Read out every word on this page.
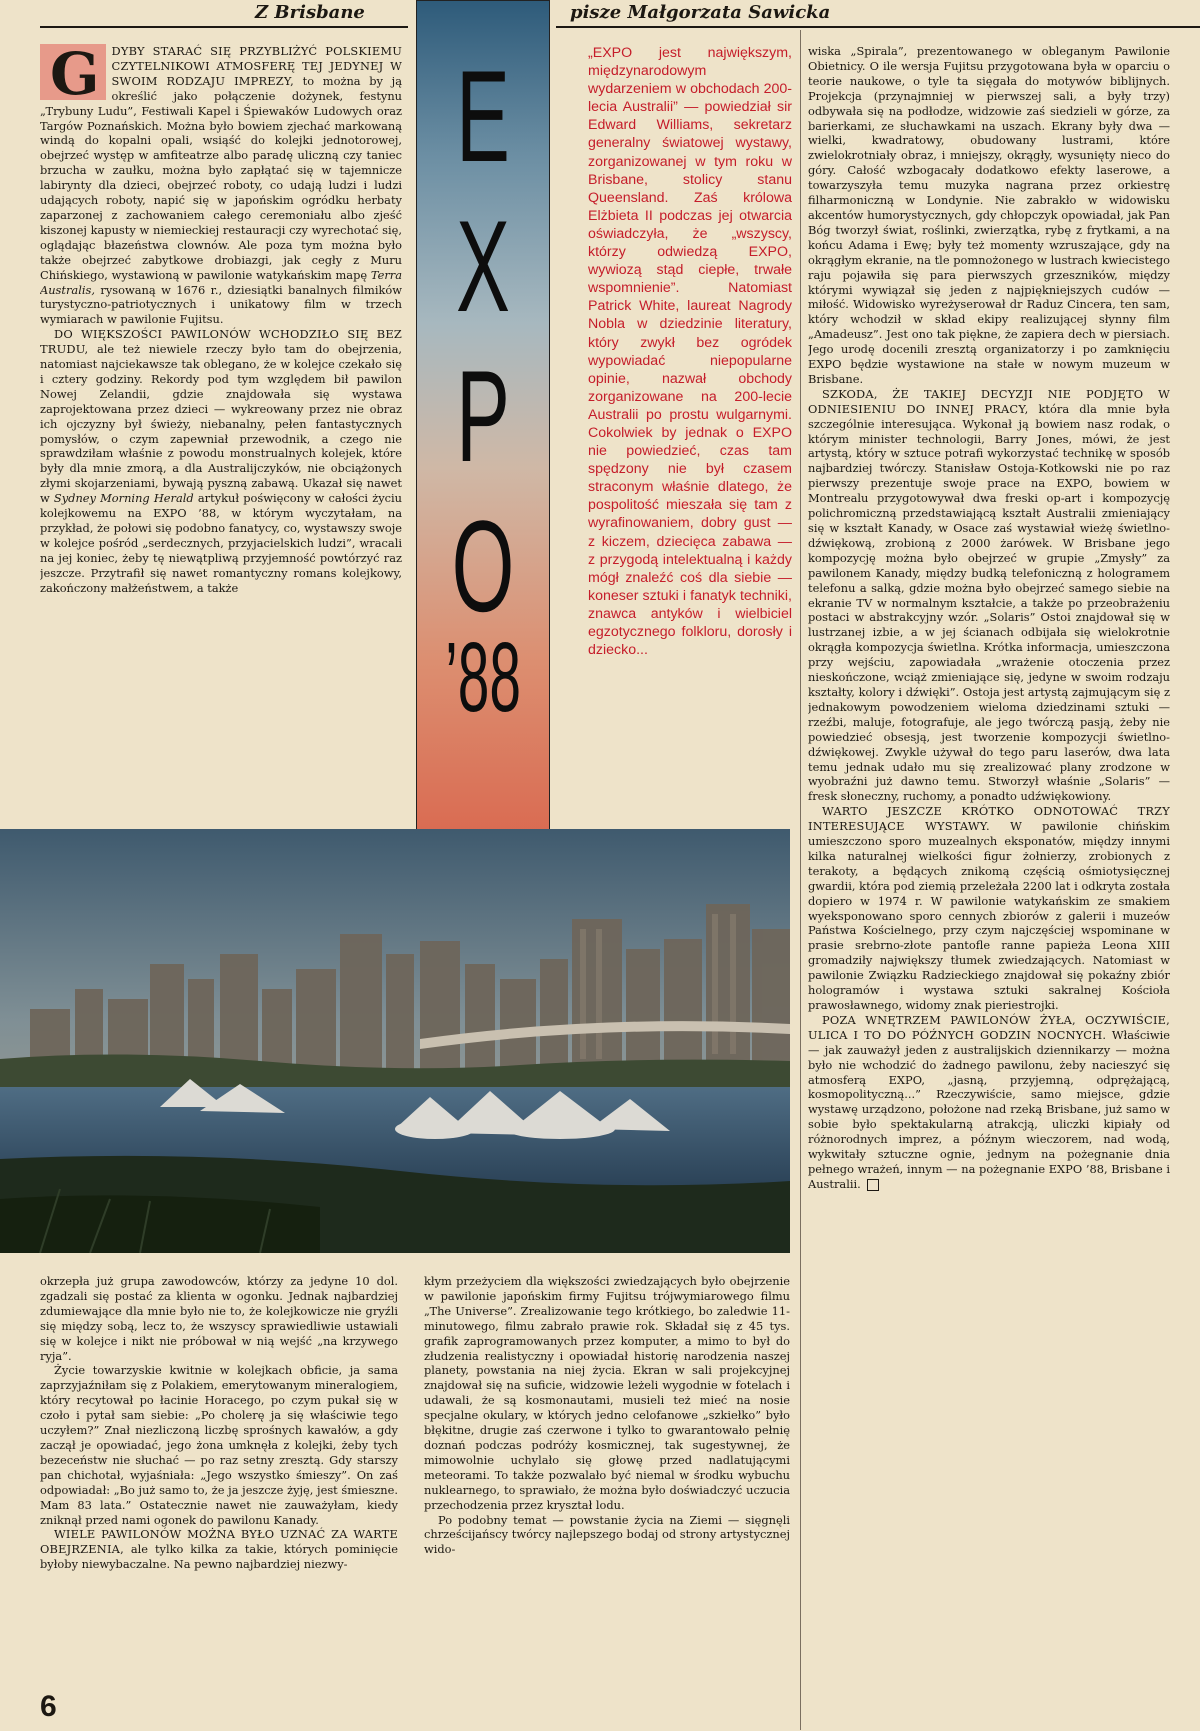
Z Brisbane	pisze Małgorzata Sawicka
E
X
P
O
’88

G	DYBY STARAĆ SIĘ PRZYBLIŻYĆ POLSKIEMU CZYTELNIKOWI ATMOSFERĘ TEJ JEDYNEJ W SWOIM RODZAJU IMPREZY, to można by ją określić jako połączenie dożynek, festynu „Trybuny Ludu”, Festiwali Kapel i Śpiewaków Ludowych oraz Targów Poznańskich. Można było bowiem zjechać markowaną windą do kopalni opali, wsiąść do kolejki jednotorowej, obejrzeć występ w amfiteatrze albo paradę uliczną czy taniec brzucha w zaułku, można było zapłątać się w tajemnicze labirynty dla dzieci, obejrzeć roboty, co udają ludzi i ludzi udających roboty, napić się w japońskim ogródku herbaty zaparzonej z zachowaniem całego ceremoniału albo zjeść kiszonej kapusty w niemieckiej restauracji czy wyrechotać się, oglądając błazeństwa clownów. Ale poza tym można było także obejrzeć zabytkowe drobiazgi, jak cegły z Muru Chińskiego, wystawioną w pawilonie watykańskim mapę Terra Australis, rysowaną w 1676 r., dziesiątki banalnych filmików turystyczno-patriotycznych i unikatowy film w trzech wymiarach w pawilonie Fujitsu.

DO WIĘKSZOŚCI PAWILONÓW WCHODZIŁO SIĘ BEZ TRUDU, ale też niewiele rzeczy było tam do obejrzenia, natomiast najciekawsze tak oblegano, że w kolejce czekało się i cztery godziny. Rekordy pod tym względem bił pawilon Nowej Zelandii, gdzie znajdowała się wystawa zaprojektowana przez dzieci — wykreowany przez nie obraz ich ojczyzny był świeży, niebanalny, pełen fantastycznych pomysłów, o czym zapewniał przewodnik, a czego nie sprawdziłam właśnie z powodu monstrualnych kolejek, które były dla mnie zmorą, a dla Australijczyków, nie obciążonych złymi skojarzeniami, bywają pyszną zabawą. Ukazał się nawet w Sydney Morning Herald artykuł poświęcony w całości życiu kolejkowemu na EXPO ’88, w którym wyczytałam, na przykład, że połowi się podobno fanatycy, co, wystawszy swoje w kolejce pośród „serdecznych, przyjacielskich ludzi”, wracali na jej koniec, żeby tę niewątpliwą przyjemność powtórzyć raz jeszcze. Przytrafił się nawet romantyczny romans kolejkowy, zakończony małżeństwem, a także

„EXPO jest największym, międzynarodowym wydarzeniem w obchodach 200-lecia Australii” — powiedział sir Edward Williams, sekretarz generalny światowej wystawy, zorganizowanej w tym roku w Brisbane, stolicy stanu Queensland. Zaś królowa Elżbieta II podczas jej otwarcia oświadczyła, że „wszyscy, którzy odwiedzą EXPO, wywiozą stąd ciepłe, trwałe wspomnienie”. Natomiast Patrick White, laureat Nagrody Nobla w dziedzinie literatury, który zwykł bez ogródek wypowiadać niepopularne opinie, nazwał obchody zorganizowane na 200-lecie Australii po prostu wulgarnymi. Cokolwiek by jednak o EXPO nie powiedzieć, czas tam spędzony nie był czasem straconym właśnie dlatego, że pospolitość mieszała się tam z wyrafinowaniem, dobry gust — z kiczem, dziecięca zabawa — z przygodą intelektualną i każdy mógł znaleźć coś dla siebie — koneser sztuki i fanatyk techniki, znawca antyków i wielbiciel egzotycznego folkloru, dorosły i dziecko...

wiska „Spirala”, prezentowanego w obleganym Pawilonie Obietnicy. O ile wersja Fujitsu przygotowana była w oparciu o teorie naukowe, o tyle ta sięgała do motywów biblijnych. Projekcja (przynajmniej w pierwszej sali, a były trzy) odbywała się na podłodze, widzowie zaś siedzieli w górze, za barierkami, ze słuchawkami na uszach. Ekrany były dwa — wielki, kwadratowy, obudowany lustrami, które zwielokrotniały obraz, i mniejszy, okrągły, wysunięty nieco do góry. Całość wzbogacały dodatkowo efekty laserowe, a towarzyszyła temu muzyka nagrana przez orkiestrę filharmoniczną w Londynie. Nie zabrakło w widowisku akcentów humorystycznych, gdy chłopczyk opowiadał, jak Pan Bóg tworzył świat, roślinki, zwierzątka, rybę z frytkami, a na końcu Adama i Ewę; były też momenty wzruszające, gdy na okrągłym ekranie, na tle pomnożonego w lustrach kwiecistego raju pojawiła się para pierwszych grzeszników, między którymi wywiązał się jeden z najpiękniejszych cudów — miłość. Widowisko wyreżyserował dr Raduz Cincera, ten sam, który wchodził w skład ekipy realizującej słynny film „Amadeusz”. Jest ono tak piękne, że zapiera dech w piersiach. Jego urodę docenili zresztą organizatorzy i po zamknięciu EXPO będzie wystawione na stałe w nowym muzeum w Brisbane.

SZKODA, ŻE TAKIEJ DECYZJI NIE PODJĘTO W ODNIESIENIU DO INNEJ PRACY, która dla mnie była szczególnie interesująca. Wykonał ją bowiem nasz rodak, o którym minister technologii, Barry Jones, mówi, że jest artystą, który w sztuce potrafi wykorzystać technikę w sposób najbardziej twórczy. Stanisław Ostoja-Kotkowski nie po raz pierwszy prezentuje swoje prace na EXPO, bowiem w Montrealu przygotowywał dwa freski op-art i kompozycję polichromiczną przedstawiającą kształt Australii zmieniający się w kształt Kanady, w Osace zaś wystawiał wieżę świetlno-dźwiękową, zrobioną z 2000 żarówek. W Brisbane jego kompozycję można było obejrzeć w grupie „Zmysły” za pawilonem Kanady, między budką telefoniczną z hologramem telefonu a salką, gdzie można było obejrzeć samego siebie na ekranie TV w normalnym kształcie, a także po przeobrażeniu postaci w abstrakcyjny wzór. „Solaris” Ostoi znajdował się w lustrzanej izbie, a w jej ścianach odbijała się wielokrotnie okrągła kompozycja świetlna. Krótka informacja, umieszczona przy wejściu, zapowiadała „wrażenie otoczenia przez nieskończone, wciąż zmieniające się, jedyne w swoim rodzaju kształty, kolory i dźwięki”. Ostoja jest artystą zajmującym się z jednakowym powodzeniem wieloma dziedzinami sztuki — rzeźbi, maluje, fotografuje, ale jego twórczą pasją, żeby nie powiedzieć obsesją, jest tworzenie kompozycji świetlno-dźwiękowej. Zwykle używał do tego paru laserów, dwa lata temu jednak udało mu się zrealizować plany zrodzone w wyobraźni już dawno temu. Stworzył właśnie „Solaris” — fresk słoneczny, ruchomy, a ponadto udźwiękowiony.

WARTO JESZCZE KRÓTKO ODNOTOWAĆ TRZY INTERESUJĄCE WYSTAWY. W pawilonie chińskim umieszczono sporo muzealnych eksponatów, między innymi kilka naturalnej wielkości figur żołnierzy, zrobionych z terakoty, a będących znikomą częścią ośmiotysięcznej gwardii, która pod ziemią przeleżała 2200 lat i odkryta została dopiero w 1974 r. W pawilonie watykańskim ze smakiem wyeksponowano sporo cennych zbiorów z galerii i muzeów Państwa Kościelnego, przy czym najczęściej wspominane w prasie srebrno-złote pantofle ranne papieża Leona XIII gromadziły największy tłumek zwiedzających. Natomiast w pawilonie Związku Radzieckiego znajdował się pokaźny zbiór hologramów i wystawa sztuki sakralnej Kościoła prawosławnego, widomy znak pieriestrojki.

POZA WNĘTRZEM PAWILONÓW ŻYŁA, OCZYWIŚCIE, ULICA I TO DO PÓŹNYCH GODZIN NOCNYCH. Właściwie — jak zauważył jeden z australijskich dziennikarzy — można było nie wchodzić do żadnego pawilonu, żeby nacieszyć się atmosferą EXPO, „jasną, przyjemną, odprężającą, kosmopolityczną...” Rzeczywiście, samo miejsce, gdzie wystawę urządzono, położone nad rzeką Brisbane, już samo w sobie było spektakularną atrakcją, uliczki kipiały od różnorodnych imprez, a późnym wieczorem, nad wodą, wykwitały sztuczne ognie, jednym na pożegnanie dnia pełnego wrażeń, innym — na pożegnanie EXPO ’88, Brisbane i Australii.

okrzepła już grupa zawodowców, którzy za jedyne 10 dol. zgadzali się postać za klienta w ogonku. Jednak najbardziej zdumiewające dla mnie było nie to, że kolejkowicze nie gryźli się między sobą, lecz to, że wszyscy sprawiedliwie ustawiali się w kolejce i nikt nie próbował w nią wejść „na krzywego ryja”.

Życie towarzyskie kwitnie w kolejkach obficie, ja sama zaprzyjaźniłam się z Polakiem, emerytowanym mineralogiem, który recytował po łacinie Horacego, po czym pukał się w czoło i pytał sam siebie: „Po cholerę ja się właściwie tego uczyłem?” Znał niezliczoną liczbę sprośnych kawałów, a gdy zaczął je opowiadać, jego żona umknęła z kolejki, żeby tych bezeceństw nie słuchać — po raz setny zresztą. Gdy starszy pan chichotał, wyjaśniała: „Jego wszystko śmieszy”. On zaś odpowiadał: „Bo już samo to, że ja jeszcze żyję, jest śmieszne. Mam 83 lata.” Ostatecznie nawet nie zauważyłam, kiedy zniknął przed nami ogonek do pawilonu Kanady.

WIELE PAWILONÓW MOŻNA BYŁO UZNAĆ ZA WARTE OBEJRZENIA, ale tylko kilka za takie, których pominięcie byłoby niewybaczalne. Na pewno najbardziej niezwy-

kłym przeżyciem dla większości zwiedzających było obejrzenie w pawilonie japońskim firmy Fujitsu trójwymiarowego filmu „The Universe”. Zrealizowanie tego krótkiego, bo zaledwie 11-minutowego, filmu zabrało prawie rok. Składał się z 45 tys. grafik zaprogramowanych przez komputer, a mimo to był do złudzenia realistyczny i opowiadał historię narodzenia naszej planety, powstania na niej życia. Ekran w sali projekcyjnej znajdował się na suficie, widzowie leżeli wygodnie w fotelach i udawali, że są kosmonautami, musieli też mieć na nosie specjalne okulary, w których jedno celofanowe „szkiełko” było błękitne, drugie zaś czerwone i tylko to gwarantowało pełnię doznań podczas podróży kosmicznej, tak sugestywnej, że mimowolnie uchylało się głowę przed nadlatującymi meteorami. To także pozwalało być niemal w środku wybuchu nuklearnego, to sprawiało, że można było doświadczyć uczucia przechodzenia przez kryształ lodu.

Po podobny temat — powstanie życia na Ziemi — sięgnęli chrześcijańscy twórcy najlepszego bodaj od strony artystycznej wido-

6
